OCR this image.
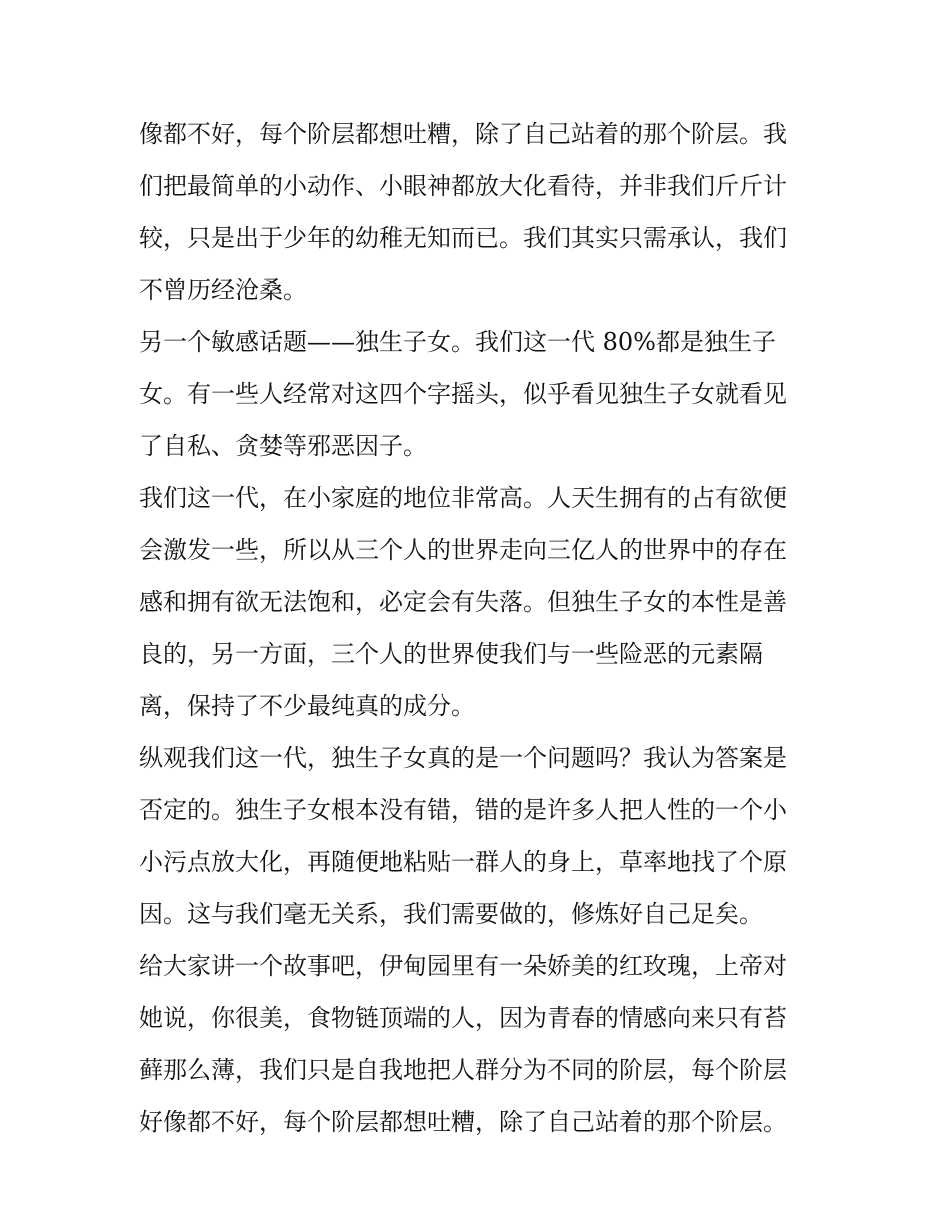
像都不好，每个阶层都想吐糟，除了自己站着的那个阶层。我
们把最简单的小动作、小眼神都放大化看待，并非我们斤斤计
较，只是出于少年的幼稚无知而已。我们其实只需承认，我们
不曾历经沧桑。
另一个敏感话题——独生子女。我们这一代 80%都是独生子
女。有一些人经常对这四个字摇头，似乎看见独生子女就看见
了自私、贪婪等邪恶因子。
我们这一代，在小家庭的地位非常高。人天生拥有的占有欲便
会激发一些，所以从三个人的世界走向三亿人的世界中的存在
感和拥有欲无法饱和，必定会有失落。但独生子女的本性是善
良的，另一方面，三个人的世界使我们与一些险恶的元素隔
离，保持了不少最纯真的成分。
纵观我们这一代，独生子女真的是一个问题吗？我认为答案是
否定的。独生子女根本没有错，错的是许多人把人性的一个小
小污点放大化，再随便地粘贴一群人的身上，草率地找了个原
因。这与我们毫无关系，我们需要做的，修炼好自己足矣。
给大家讲一个故事吧，伊甸园里有一朵娇美的红玫瑰，上帝对
她说，你很美，食物链顶端的人，因为青春的情感向来只有苔
藓那么薄，我们只是自我地把人群分为不同的阶层，每个阶层
好像都不好，每个阶层都想吐糟，除了自己站着的那个阶层。
